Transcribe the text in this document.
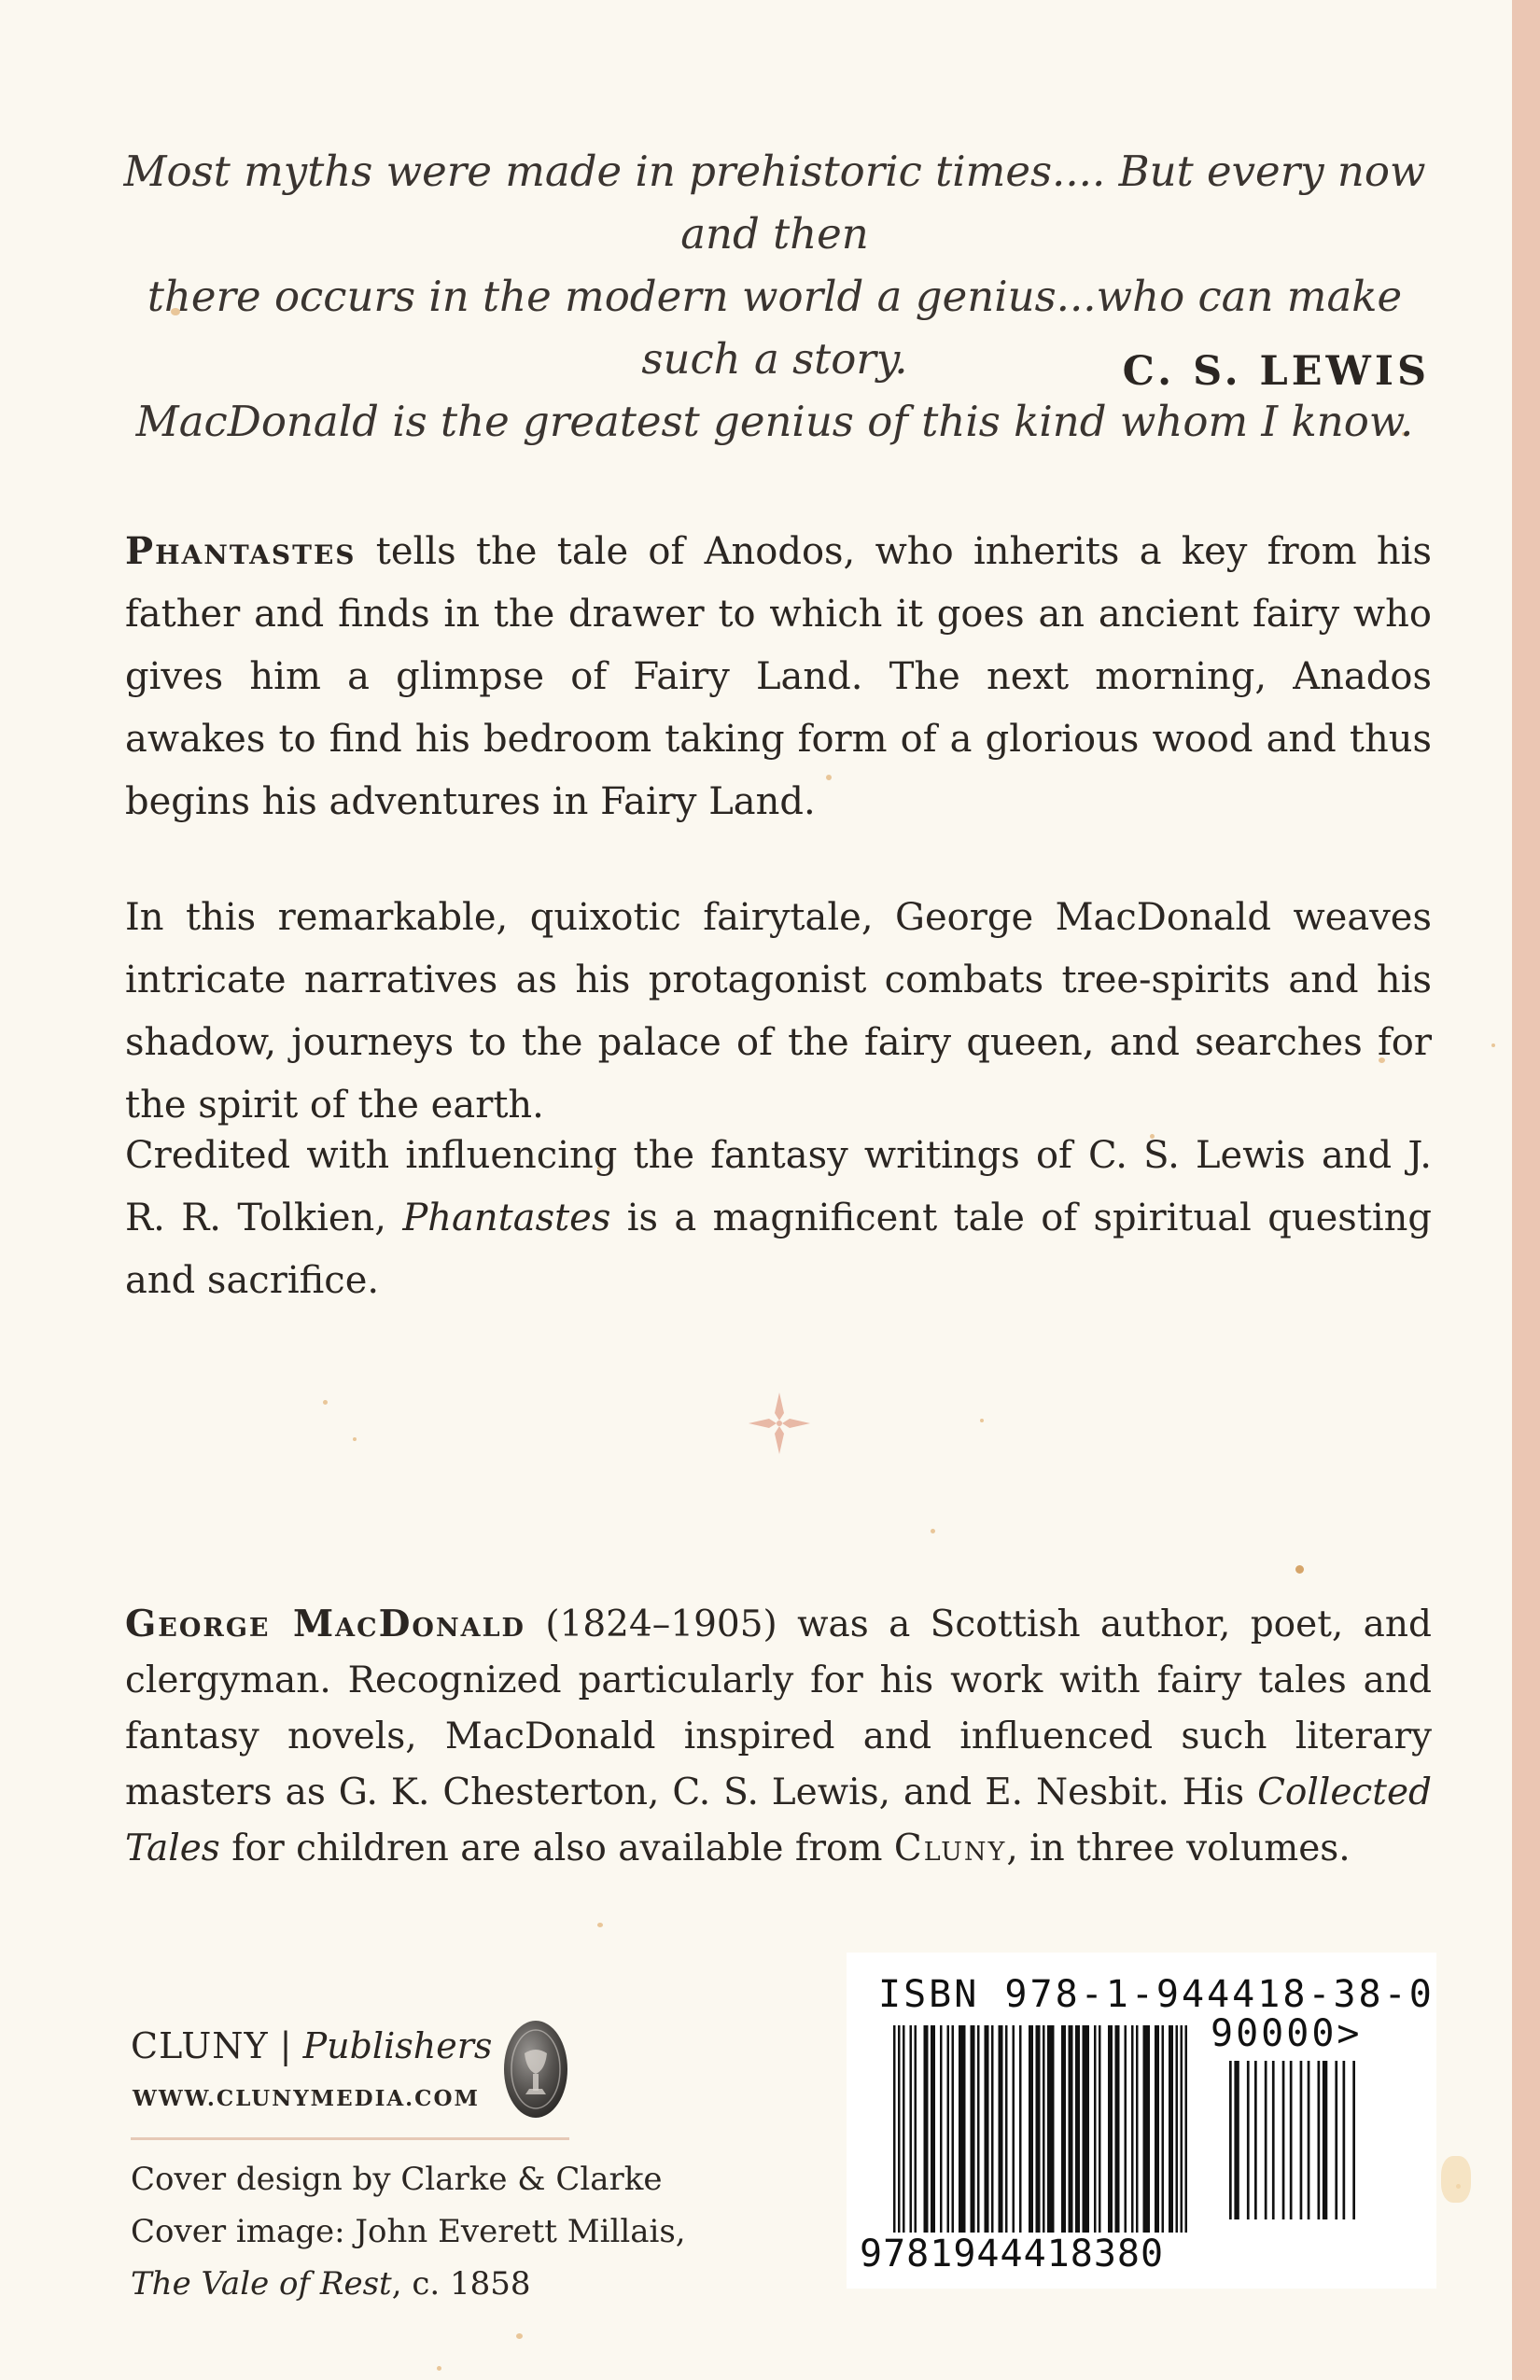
Most myths were made in prehistoric times.... But every now and then

there occurs in the modern world a genius...who can make such a story.

MacDonald is the greatest genius of this kind whom I know.

C. S. LEWIS

Phantastes tells the tale of Anodos, who inherits a key from his father and finds in the drawer to which it goes an ancient fairy who gives him a glimpse of Fairy Land. The next morning, Anados awakes to find his bedroom taking form of a glorious wood and thus begins his adventures in Fairy Land.

In this remarkable, quixotic fairytale, George MacDonald weaves intricate narratives as his protagonist combats tree-spirits and his shadow, journeys to the palace of the fairy queen, and searches for the spirit of the earth.

Credited with influencing the fantasy writings of C. S. Lewis and J. R. R. Tolkien, Phantastes is a magnificent tale of spiritual questing and sacrifice.

George MacDonald (1824–1905) was a Scottish author, poet, and clergyman. Recognized particularly for his work with fairy tales and fantasy novels, MacDonald inspired and influenced such literary masters as G. K. Chesterton, C. S. Lewis, and E. Nesbit. His Collected Tales for children are also available from Cluny, in three volumes.

CLUNY | Publishers
WWW.CLUNYMEDIA.COM
Cover design by Clarke & Clarke
Cover image: John Everett Millais,
The Vale of Rest, c. 1858
ISBN 978-1-944418-38-0
90000>
9781944418380
